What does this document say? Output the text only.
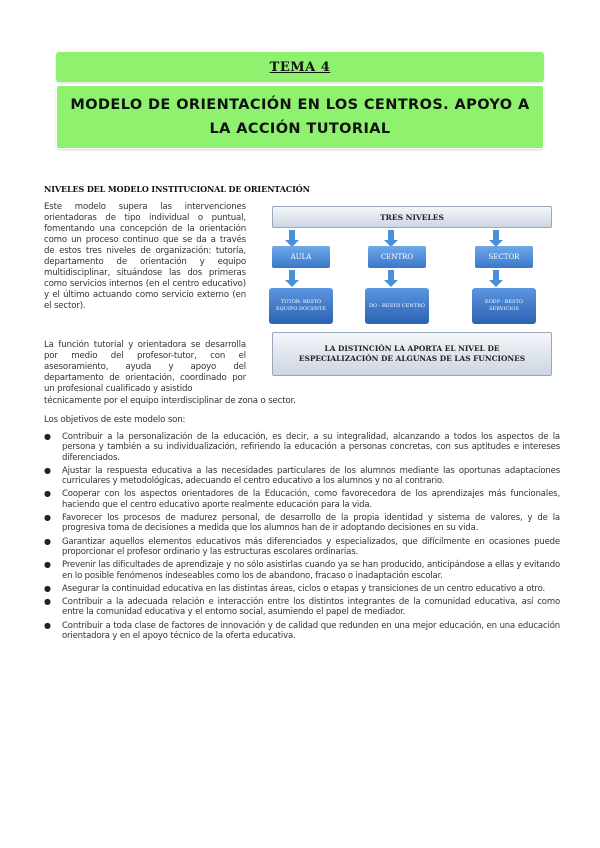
TEMA 4
MODELO DE ORIENTACIÓN EN LOS CENTROS. APOYO A LA ACCIÓN TUTORIAL
NIVELES DEL MODELO INSTITUCIONAL DE ORIENTACIÓN
Este modelo supera las intervenciones orientadoras de tipo individual o puntual, fomentando una concepción de la orientación como un proceso continuo que se da a través de estos tres niveles de organización: tutoría, departamento de orientación y equipo multidisciplinar, situándose las dos primeras como servicios internos (en el centro educativo) y el último actuando como servicio externo (en el sector).
TRES NIVELES
AULA	CENTRO	SECTOR
TUTOR- RESTO EQUIPO DOCENTE
DO - RESTO CENTRO
EOEP - RESTO SERVICIOS
LA DISTINCIÓN LA APORTA EL NIVEL DE ESPECIALIZACIÓN DE ALGUNAS DE LAS FUNCIONES
La función tutorial y orientadora se desarrolla por medio del profesor-tutor, con el asesoramiento, ayuda y apoyo del departamento de orientación, coordinado por un profesional cualificado y asistido
técnicamente por el equipo interdisciplinar de zona o sector.
Los objetivos de este modelo son:
● Contribuir a la personalización de la educación, es decir, a su integralidad, alcanzando a todos los aspectos de la persona y también a su individualización, refiriendo la educación a personas concretas, con sus aptitudes e intereses diferenciados.
● Ajustar la respuesta educativa a las necesidades particulares de los alumnos mediante las oportunas adaptaciones curriculares y metodológicas, adecuando el centro educativo a los alumnos y no al contrario.
● Cooperar con los aspectos orientadores de la Educación, como favorecedora de los aprendizajes más funcionales, haciendo que el centro educativo aporte realmente educación para la vida.
● Favorecer los procesos de madurez personal, de desarrollo de la propia identidad y sistema de valores, y de la progresiva toma de decisiones a medida que los alumnos han de ir adoptando decisiones en su vida.
● Garantizar aquellos elementos educativos más diferenciados y especializados, que difícilmente en ocasiones puede proporcionar el profesor ordinario y las estructuras escolares ordinarias.
● Prevenir las dificultades de aprendizaje y no sólo asistirlas cuando ya se han producido, anticipándose a ellas y evitando en lo posible fenómenos indeseables como los de abandono, fracaso o inadaptación escolar.
● Asegurar la continuidad educativa en las distintas áreas, ciclos o etapas y transiciones de un centro educativo a otro.
● Contribuir a la adecuada relación e interacción entre los distintos integrantes de la comunidad educativa, así como entre la comunidad educativa y el entorno social, asumiendo el papel de mediador.
● Contribuir a toda clase de factores de innovación y de calidad que redunden en una mejor educación, en una educación orientadora y en el apoyo técnico de la oferta educativa.
